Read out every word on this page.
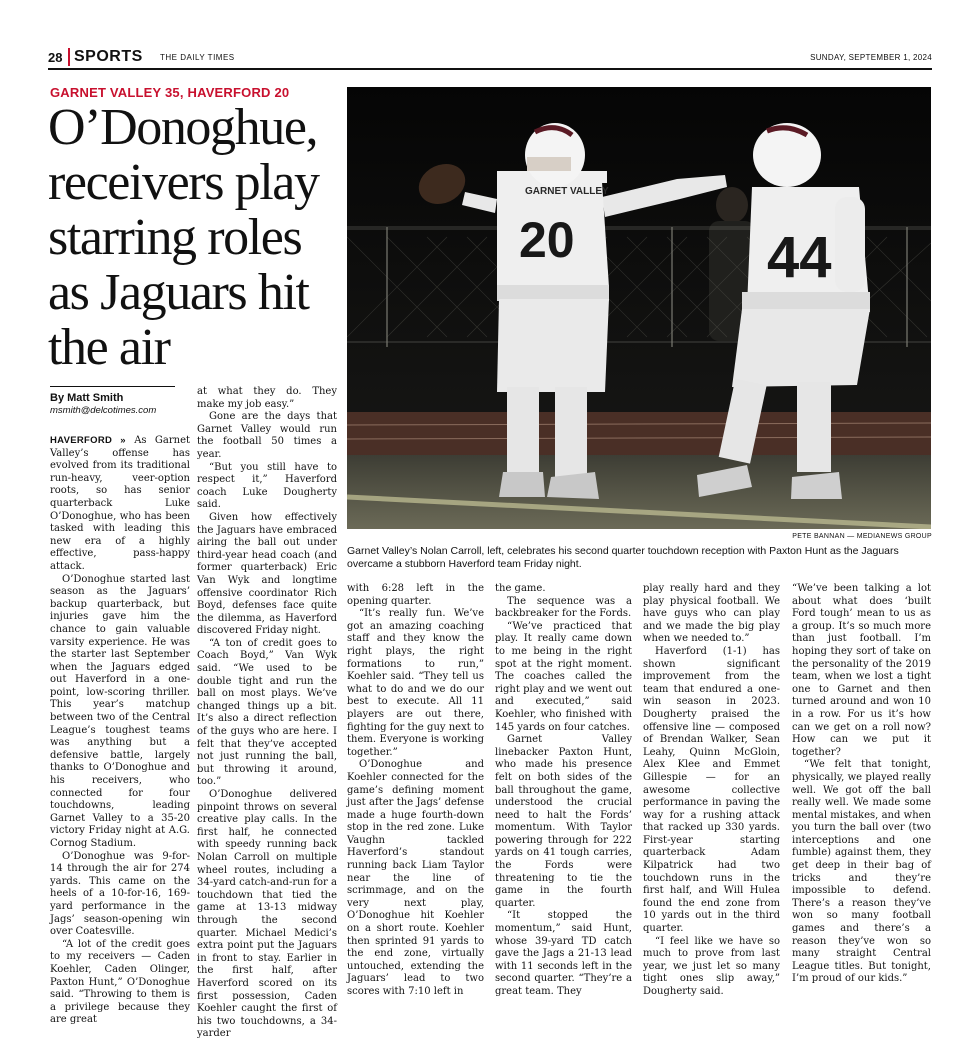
28 SPORTS THE DAILY TIMES	SUNDAY, SEPTEMBER 1, 2024
GARNET VALLEY 35, HAVERFORD 20
O’Donoghue, receivers play starring roles as Jaguars hit the air
By Matt Smith
msmith@delcotimes.com

HAVERFORD » As Garnet Valley’s offense has evolved from its traditional run-heavy, veer-option roots, so has senior quarterback Luke O’Donoghue, who has been tasked with leading this new era of a highly effective, pass-happy attack.

O’Donoghue started last season as the Jaguars’ backup quarterback, but injuries gave him the chance to gain valuable varsity experience. He was the starter last September when the Jaguars edged out Haverford in a one-point, low-scoring thriller. This year’s matchup between two of the Central League’s toughest teams was anything but a defensive battle, largely thanks to O’Donoghue and his receivers, who connected for four touchdowns, leading Garnet Valley to a 35-20 victory Friday night at A.G. Cornog Stadium.

O’Donoghue was 9-for-14 through the air for 274 yards. This came on the heels of a 10-for-16, 169-yard performance in the Jags’ season-opening win over Coatesville.

“A lot of the credit goes to my receivers — Caden Koehler, Caden Olinger, Paxton Hunt,” O’Donoghue said. “Throwing to them is a privilege because they are great

at what they do. They make my job easy.”

Gone are the days that Garnet Valley would run the football 50 times a year.

“But you still have to respect it,” Haverford coach Luke Dougherty said.

Given how effectively the Jaguars have embraced airing the ball out under third-year head coach (and former quarterback) Eric Van Wyk and longtime offensive coordinator Rich Boyd, defenses face quite the dilemma, as Haverford discovered Friday night.

“A ton of credit goes to Coach Boyd,” Van Wyk said. “We used to be double tight and run the ball on most plays. We’ve changed things up a bit. It’s also a direct reflection of the guys who are here. I felt that they’ve accepted not just running the ball, but throwing it around, too.”

O’Donoghue delivered pinpoint throws on several creative play calls. In the first half, he connected with speedy running back Nolan Carroll on multiple wheel routes, including a 34-yard catch-and-run for a touchdown that tied the game at 13-13 midway through the second quarter. Michael Medici’s extra point put the Jaguars in front to stay. Earlier in the first half, after Haverford scored on its first possession, Caden Koehler caught the first of his two touchdowns, a 34-yarder

with 6:28 left in the opening quarter.

“It’s really fun. We’ve got an amazing coaching staff and they know the right plays, the right formations to run,” Koehler said. “They tell us what to do and we do our best to execute. All 11 players are out there, fighting for the guy next to them. Everyone is working together.”

O’Donoghue and Koehler connected for the game’s defining moment just after the Jags’ defense made a huge fourth-down stop in the red zone. Luke Vaughn tackled Haverford’s standout running back Liam Taylor near the line of scrimmage, and on the very next play, O’Donoghue hit Koehler on a short route. Koehler then sprinted 91 yards to the end zone, virtually untouched, extending the Jaguars’ lead to two scores with 7:10 left in

the game.

The sequence was a backbreaker for the Fords.

“We’ve practiced that play. It really came down to me being in the right spot at the right moment. The coaches called the right play and we went out and executed,” said Koehler, who finished with 145 yards on four catches.

Garnet Valley linebacker Paxton Hunt, who made his presence felt on both sides of the ball throughout the game, understood the crucial need to halt the Fords’ momentum. With Taylor powering through for 222 yards on 41 tough carries, the Fords were threatening to tie the game in the fourth quarter.

“It stopped the momentum,” said Hunt, whose 39-yard TD catch gave the Jags a 21-13 lead with 11 seconds left in the second quarter. “They’re a great team. They

play really hard and they play physical football. We have guys who can play and we made the big play when we needed to.”

Haverford (1-1) has shown significant improvement from the team that endured a one-win season in 2023. Dougherty praised the offensive line — composed of Brendan Walker, Sean Leahy, Quinn McGloin, Alex Klee and Emmet Gillespie — for an awesome collective performance in paving the way for a rushing attack that racked up 330 yards. First-year starting quarterback Adam Kilpatrick had two touchdown runs in the first half, and Will Hulea found the end zone from 10 yards out in the third quarter.

“I feel like we have so much to prove from last year, we just let so many tight ones slip away,” Dougherty said.

“We’ve been talking a lot about what does ‘built Ford tough’ mean to us as a group. It’s so much more than just football. I’m hoping they sort of take on the personality of the 2019 team, when we lost a tight one to Garnet and then turned around and won 10 in a row. For us it’s how can we get on a roll now? How can we put it together?

“We felt that tonight, physically, we played really well. We got off the ball really well. We made some mental mistakes, and when you turn the ball over (two interceptions and one fumble) against them, they get deep in their bag of tricks and they’re impossible to defend. There’s a reason they’ve won so many football games and there’s a reason they’ve won so many straight Central League titles. But tonight, I’m proud of our kids.”

GARNET VALLEY
20	44
PETE BANNAN — MEDIANEWS GROUP

Garnet Valley’s Nolan Carroll, left, celebrates his second quarter touchdown reception with Paxton Hunt as the Jaguars overcame a stubborn Haverford team Friday night.
